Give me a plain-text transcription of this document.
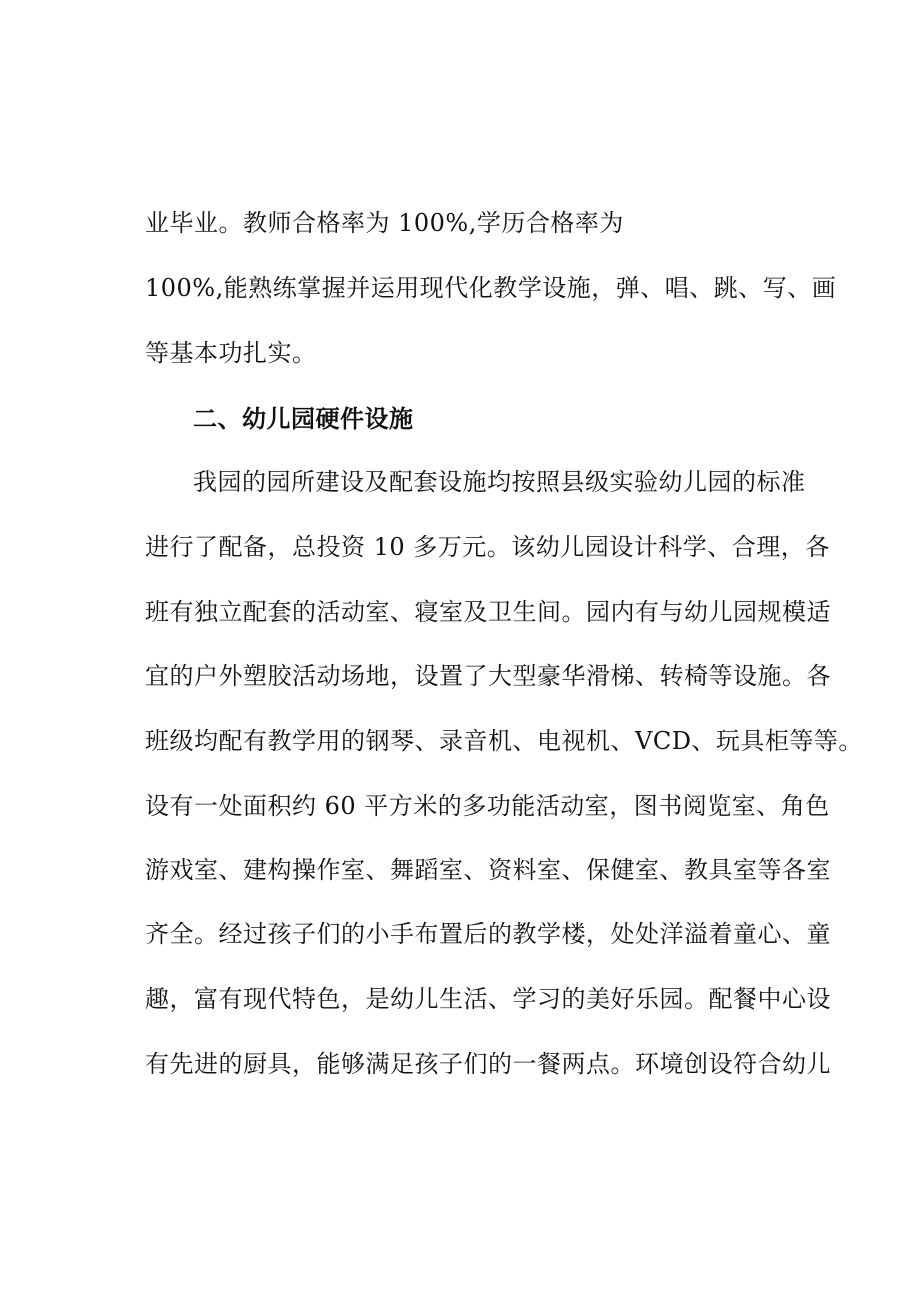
业毕业。教师合格率为 100%,学历合格率为
100%,能熟练掌握并运用现代化教学设施，弹、唱、跳、写、画
等基本功扎实。
二、幼儿园硬件设施
我园的园所建设及配套设施均按照县级实验幼儿园的标准
进行了配备，总投资 10 多万元。该幼儿园设计科学、合理，各
班有独立配套的活动室、寝室及卫生间。园内有与幼儿园规模适
宜的户外塑胶活动场地，设置了大型豪华滑梯、转椅等设施。各
班级均配有教学用的钢琴、录音机、电视机、VCD、玩具柜等等。
设有一处面积约 60 平方米的多功能活动室，图书阅览室、角色
游戏室、建构操作室、舞蹈室、资料室、保健室、教具室等各室
齐全。经过孩子们的小手布置后的教学楼，处处洋溢着童心、童
趣，富有现代特色，是幼儿生活、学习的美好乐园。配餐中心设
有先进的厨具，能够满足孩子们的一餐两点。环境创设符合幼儿
